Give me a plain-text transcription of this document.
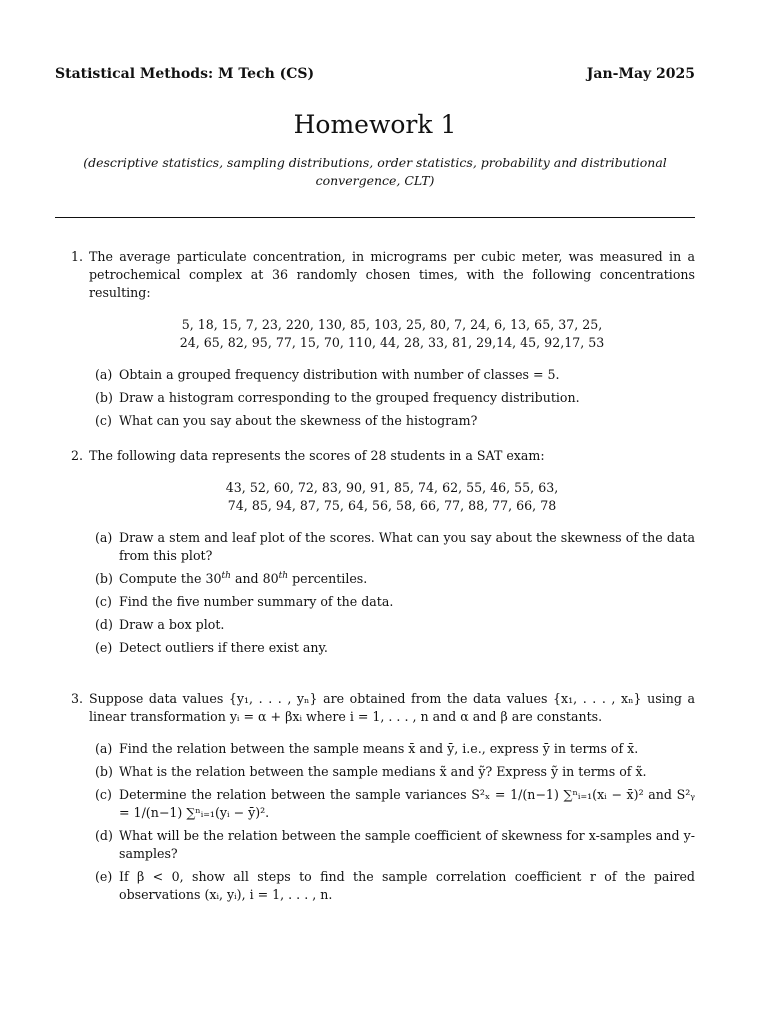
Statistical Methods: M Tech (CS)	Jan-May 2025
Homework 1
(descriptive statistics, sampling distributions, order statistics, probability and distributional convergence, CLT)
1. The average particulate concentration, in micrograms per cubic meter, was measured in a petrochemical complex at 36 randomly chosen times, with the following concentrations resulting:
5, 18, 15, 7, 23, 220, 130, 85, 103, 25, 80, 7, 24, 6, 13, 65, 37, 25,
24, 65, 82, 95, 77, 15, 70, 110, 44, 28, 33, 81, 29,14, 45, 92,17, 53
(a) Obtain a grouped frequency distribution with number of classes = 5.
(b) Draw a histogram corresponding to the grouped frequency distribution.
(c) What can you say about the skewness of the histogram?
2. The following data represents the scores of 28 students in a SAT exam:
43, 52, 60, 72, 83, 90, 91, 85, 74, 62, 55, 46, 55, 63,
74, 85, 94, 87, 75, 64, 56, 58, 66, 77, 88, 77, 66, 78
(a) Draw a stem and leaf plot of the scores. What can you say about the skewness of the data from this plot?
(b) Compute the 30th and 80th percentiles.
(c) Find the five number summary of the data.
(d) Draw a box plot.
(e) Detect outliers if there exist any.
3. Suppose data values {y₁, . . . , yₙ} are obtained from the data values {x₁, . . . , xₙ} using a linear transformation yᵢ = α + βxᵢ where i = 1, . . . , n and α and β are constants.
(a) Find the relation between the sample means x̄ and ȳ, i.e., express ȳ in terms of x̄.
(b) What is the relation between the sample medians x̃ and ỹ? Express ỹ in terms of x̃.
(c) Determine the relation between the sample variances S²ₓ = 1/(n−1) ∑ⁿᵢ₌₁(xᵢ − x̄)² and S²ᵧ = 1/(n−1) ∑ⁿᵢ₌₁(yᵢ − ȳ)².
(d) What will be the relation between the sample coefficient of skewness for x-samples and y-samples?
(e) If β < 0, show all steps to find the sample correlation coefficient r of the paired observations (xᵢ, yᵢ), i = 1, . . . , n.
